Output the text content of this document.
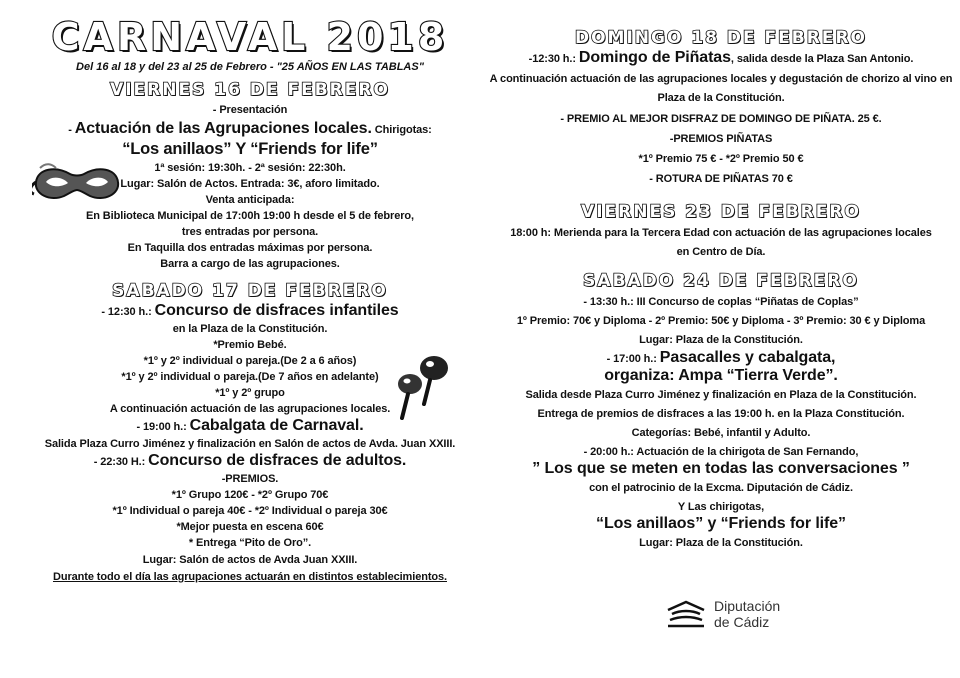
CARNAVAL 2018

Del 16 al 18 y del 23 al 25 de Febrero - "25 AÑOS EN LAS TABLAS"

VIERNES 16 DE FEBRERO

- Presentación

- Actuación de las Agrupaciones locales. Chirigotas:

“Los anillaos” Y “Friends for life”

1ª sesión: 19:30h. - 2ª sesión: 22:30h.

Lugar: Salón de Actos. Entrada: 3€, aforo limitado.

Venta anticipada:

En Biblioteca Municipal de 17:00h 19:00 h desde el 5 de febrero,

tres entradas por persona.

En Taquilla dos entradas máximas por persona.

Barra a cargo de las agrupaciones.

SABADO 17 DE FEBRERO

- 12:30 h.: Concurso de disfraces infantiles

en la Plaza de la Constitución.

*Premio Bebé.

*1º y 2º individual o pareja.(De 2 a 6 años)

*1º y 2º individual o pareja.(De 7 años en adelante)

*1º y 2º grupo

A continuación actuación de las agrupaciones locales.

- 19:00 h.: Cabalgata de Carnaval.

Salida Plaza Curro Jiménez y finalización en Salón de actos de Avda. Juan XXIII.

- 22:30 H.: Concurso de disfraces de adultos.

-PREMIOS.

*1º Grupo 120€ - *2º Grupo 70€

*1º Individual o pareja 40€ - *2º Individual o pareja 30€

*Mejor puesta en escena 60€

* Entrega “Pito de Oro”.

Lugar: Salón de actos de Avda Juan XXIII.

Durante todo el día las agrupaciones actuarán en distintos establecimientos.

DOMINGO 18 DE FEBRERO

-12:30 h.: Domingo de Piñatas, salida desde la Plaza San Antonio.

A continuación actuación de las agrupaciones locales y degustación de chorizo al vino en

Plaza de la Constitución.

- PREMIO AL MEJOR DISFRAZ DE DOMINGO DE PIÑATA. 25 €.

-PREMIOS PIÑATAS

*1º Premio 75 € - *2º Premio 50 €

- ROTURA DE PIÑATAS 70 €

VIERNES 23 DE FEBRERO

18:00 h: Merienda para la Tercera Edad con actuación de las agrupaciones locales

en Centro de Día.

SABADO 24 DE FEBRERO

- 13:30 h.: III Concurso de coplas “Piñatas de Coplas”

1º Premio: 70€ y Diploma - 2º Premio: 50€ y Diploma - 3º Premio: 30 € y Diploma

Lugar: Plaza de la Constitución.

- 17:00 h.: Pasacalles y cabalgata,

organiza: Ampa “Tierra Verde”.

Salida desde Plaza Curro Jiménez y finalización en Plaza de la Constitución.

Entrega de premios de disfraces a las 19:00 h. en la Plaza Constitución.

Categorías: Bebé, infantil y Adulto.

- 20:00 h.: Actuación de la chirigota de San Fernando,

” Los que se meten en todas las conversaciones ”

con el patrocinio de la Excma. Diputación de Cádiz.

Y Las chirigotas,

“Los anillaos” y “Friends for life”

Lugar: Plaza de la Constitución.

Diputación
de Cádiz
